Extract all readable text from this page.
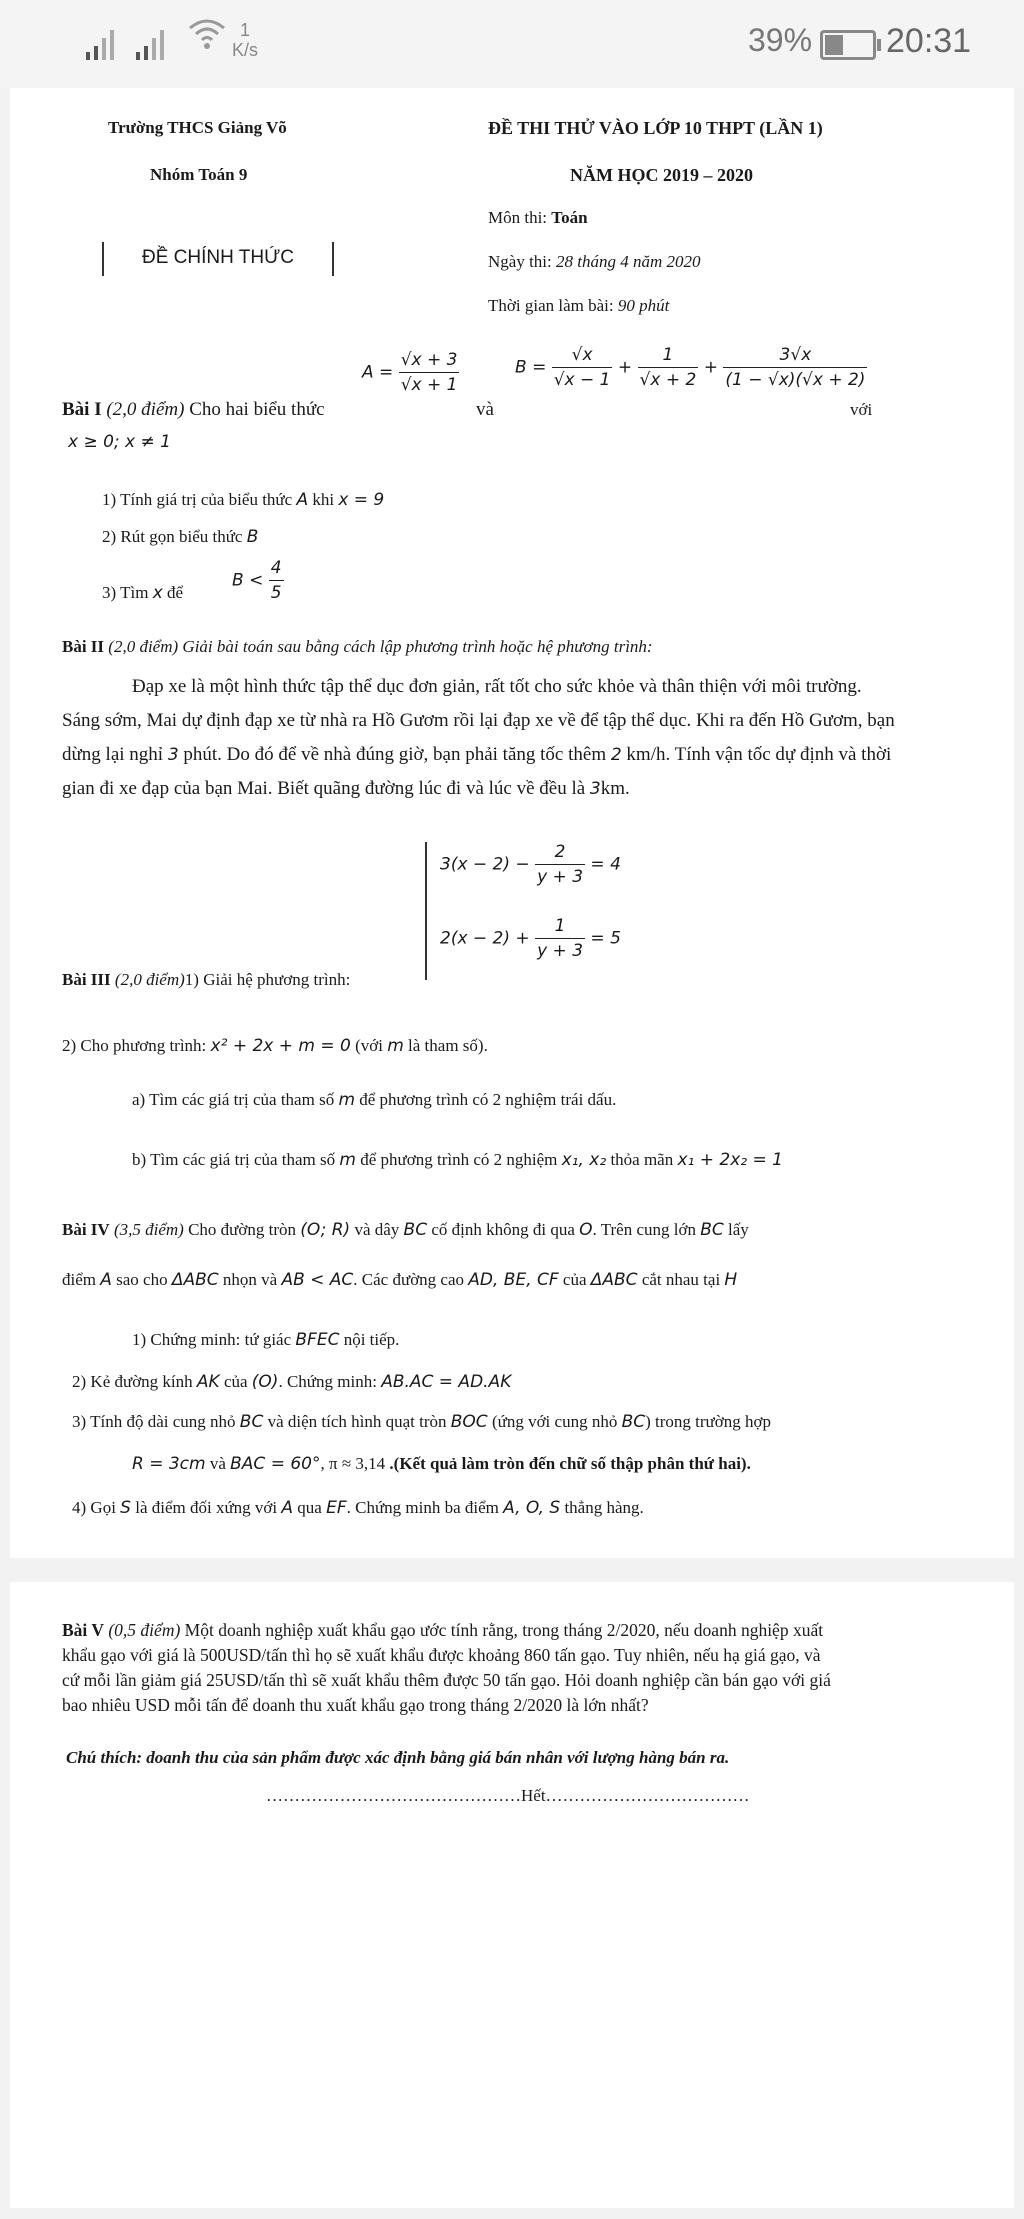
1
K/s	39% 20:31
Trường THCS Giảng Võ
Nhóm Toán 9
ĐỀ CHÍNH THỨC
ĐỀ THI THỬ VÀO LỚP 10 THPT (LẦN 1)
NĂM HỌC 2019 – 2020
Môn thi: Toán
Ngày thi: 28 tháng 4 năm 2020
Thời gian làm bài: 90 phút
Bài I (2,0 điểm) Cho hai biểu thức
$A = \frac{√x + 3}{√x + 1}$
và
$B = \frac{√x}{√x - 1} + \frac{1}{√x + 2} + \frac{3√x}{(1 - √x)(√x + 2)}$
với
x ≥ 0; x ≠ 1
1) Tính giá trị của biểu thức A khi x = 9
2) Rút gọn biểu thức B
3) Tìm x để
$B < \frac{4}{5}$
Bài II (2,0 điểm) Giải bài toán sau bằng cách lập phương trình hoặc hệ phương trình:
Đạp xe là một hình thức tập thể dục đơn giản, rất tốt cho sức khỏe và thân thiện với môi trường.
Sáng sớm, Mai dự định đạp xe từ nhà ra Hồ Gươm rồi lại đạp xe về để tập thể dục. Khi ra đến Hồ Gươm, bạn
dừng lại nghỉ 3 phút. Do đó để về nhà đúng giờ, bạn phải tăng tốc thêm 2 km/h. Tính vận tốc dự định và thời
gian đi xe đạp của bạn Mai. Biết quãng đường lúc đi và lúc về đều là 3km.
$3(x - 2) - \frac{2}{y + 3} = 4$
$2(x - 2) + \frac{1}{y + 3} = 5$
Bài III (2,0 điểm)1) Giải hệ phương trình:
2) Cho phương trình: x² + 2x + m = 0 (với m là tham số).
a) Tìm các giá trị của tham số m để phương trình có 2 nghiệm trái dấu.
b) Tìm các giá trị của tham số m để phương trình có 2 nghiệm x₁, x₂ thỏa mãn x₁ + 2x₂ = 1
Bài IV (3,5 điểm) Cho đường tròn (O; R) và dây BC cố định không đi qua O. Trên cung lớn BC lấy
điểm A sao cho ΔABC nhọn và AB < AC. Các đường cao AD, BE, CF của ΔABC cắt nhau tại H
1) Chứng minh: tứ giác BFEC nội tiếp.
2) Kẻ đường kính AK của (O). Chứng minh: AB.AC = AD.AK
3) Tính độ dài cung nhỏ BC và diện tích hình quạt tròn BOC (ứng với cung nhỏ BC) trong trường hợp
R = 3cm và BAC = 60°, π ≈ 3,14 .(Kết quả làm tròn đến chữ số thập phân thứ hai).
4) Gọi S là điểm đối xứng với A qua EF. Chứng minh ba điểm A, O, S thẳng hàng.
Bài V (0,5 điểm) Một doanh nghiệp xuất khẩu gạo ước tính rằng, trong tháng 2/2020, nếu doanh nghiệp xuất
khẩu gạo với giá là 500USD/tấn thì họ sẽ xuất khẩu được khoảng 860 tấn gạo. Tuy nhiên, nếu hạ giá gạo, và
cứ mỗi lần giảm giá 25USD/tấn thì sẽ xuất khẩu thêm được 50 tấn gạo. Hỏi doanh nghiệp cần bán gạo với giá
bao nhiêu USD mỗi tấn để doanh thu xuất khẩu gạo trong tháng 2/2020 là lớn nhất?
Chú thích: doanh thu của sản phẩm được xác định bằng giá bán nhân với lượng hàng bán ra.
………………………………………Hết………………………………
